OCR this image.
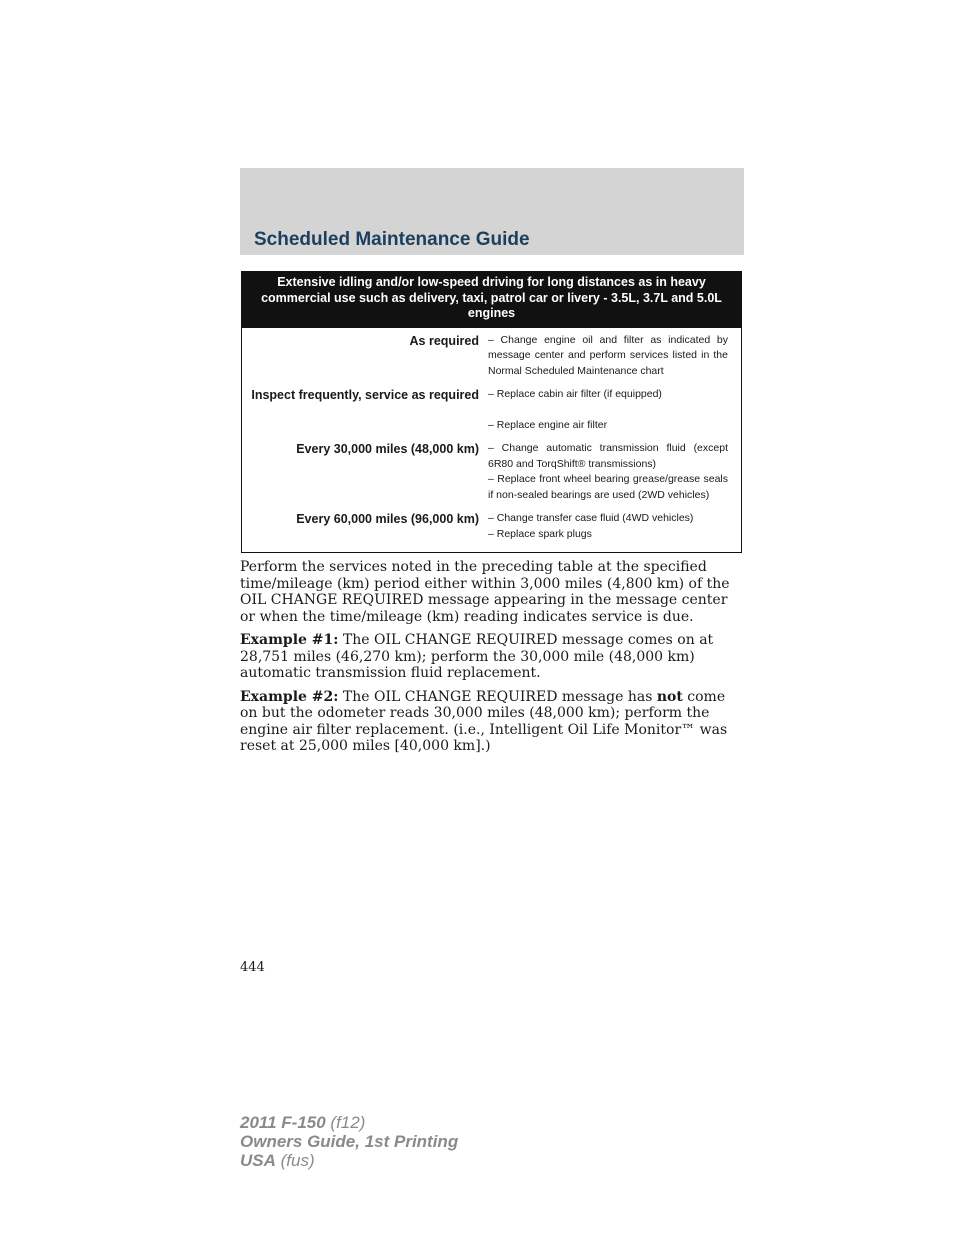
Scheduled Maintenance Guide
Extensive idling and/or low-speed driving for long distances as in heavy commercial use such as delivery, taxi, patrol car or livery - 3.5L, 3.7L and 5.0L engines
As required – Change engine oil and filter as indicated by message center and perform services listed in the Normal Scheduled Maintenance chart
Inspect frequently, service as required – Replace cabin air filter (if equipped)
– Replace engine air filter
Every 30,000 miles (48,000 km) – Change automatic transmission fluid (except 6R80 and TorqShift® transmissions)
– Replace front wheel bearing grease/grease seals if non-sealed bearings are used (2WD vehicles)
Every 60,000 miles (96,000 km) – Change transfer case fluid (4WD vehicles)
– Replace spark plugs

Perform the services noted in the preceding table at the specified time/mileage (km) period either within 3,000 miles (4,800 km) of the OIL CHANGE REQUIRED message appearing in the message center or when the time/mileage (km) reading indicates service is due.

Example #1: The OIL CHANGE REQUIRED message comes on at 28,751 miles (46,270 km); perform the 30,000 mile (48,000 km) automatic transmission fluid replacement.

Example #2: The OIL CHANGE REQUIRED message has not come on but the odometer reads 30,000 miles (48,000 km); perform the engine air filter replacement. (i.e., Intelligent Oil Life Monitor™ was reset at 25,000 miles [40,000 km].)

444
2011 F-150 (f12)
Owners Guide, 1st Printing
USA (fus)
